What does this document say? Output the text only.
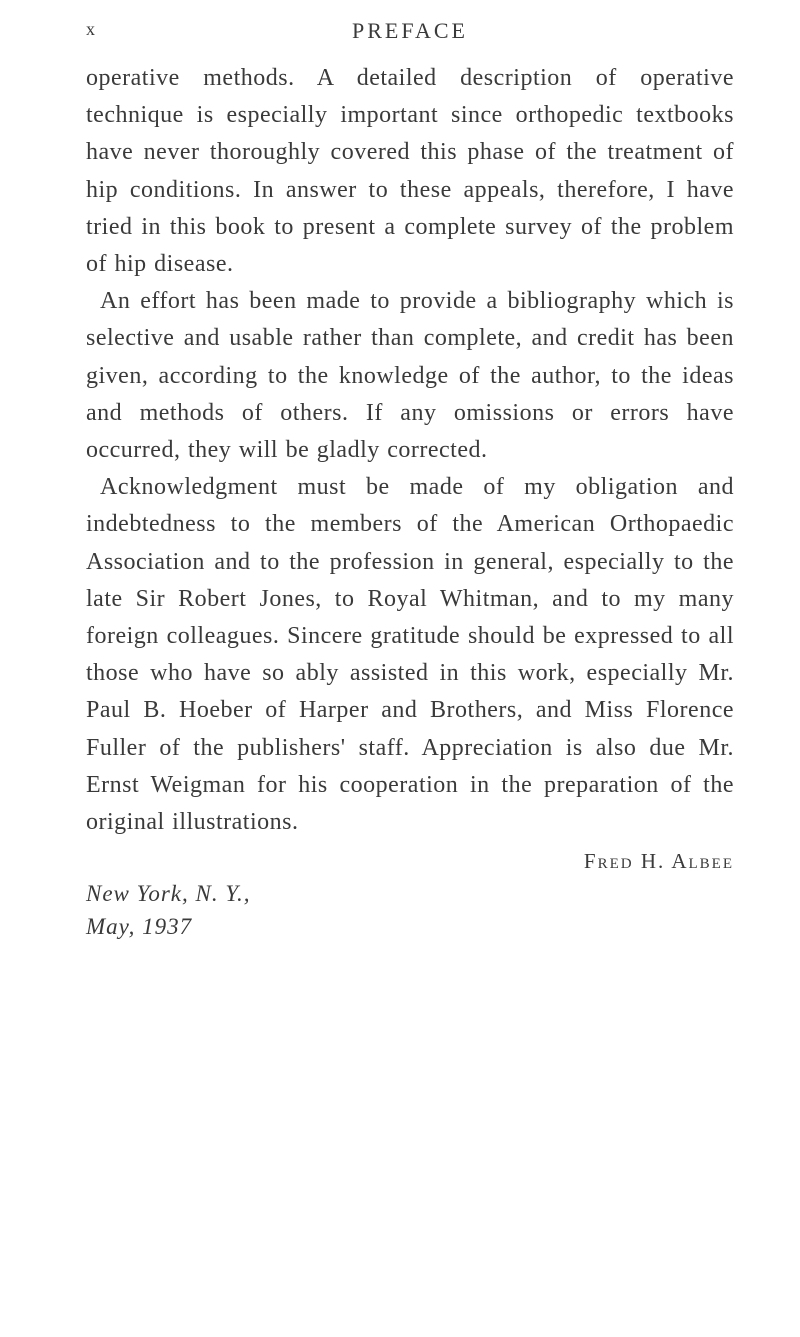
x	PREFACE

operative methods. A detailed description of operative technique is especially important since orthopedic textbooks have never thoroughly covered this phase of the treatment of hip conditions. In answer to these appeals, therefore, I have tried in this book to present a complete survey of the problem of hip disease.

An effort has been made to provide a bibliography which is selective and usable rather than complete, and credit has been given, according to the knowledge of the author, to the ideas and methods of others. If any omissions or errors have occurred, they will be gladly corrected.

Acknowledgment must be made of my obligation and indebtedness to the members of the American Orthopaedic Association and to the profession in general, especially to the late Sir Robert Jones, to Royal Whitman, and to my many foreign colleagues. Sincere gratitude should be expressed to all those who have so ably assisted in this work, especially Mr. Paul B. Hoeber of Harper and Brothers, and Miss Florence Fuller of the publishers' staff. Appreciation is also due Mr. Ernst Weigman for his cooperation in the preparation of the original illustrations.

Fred H. Albee
New York, N. Y.,
May, 1937
